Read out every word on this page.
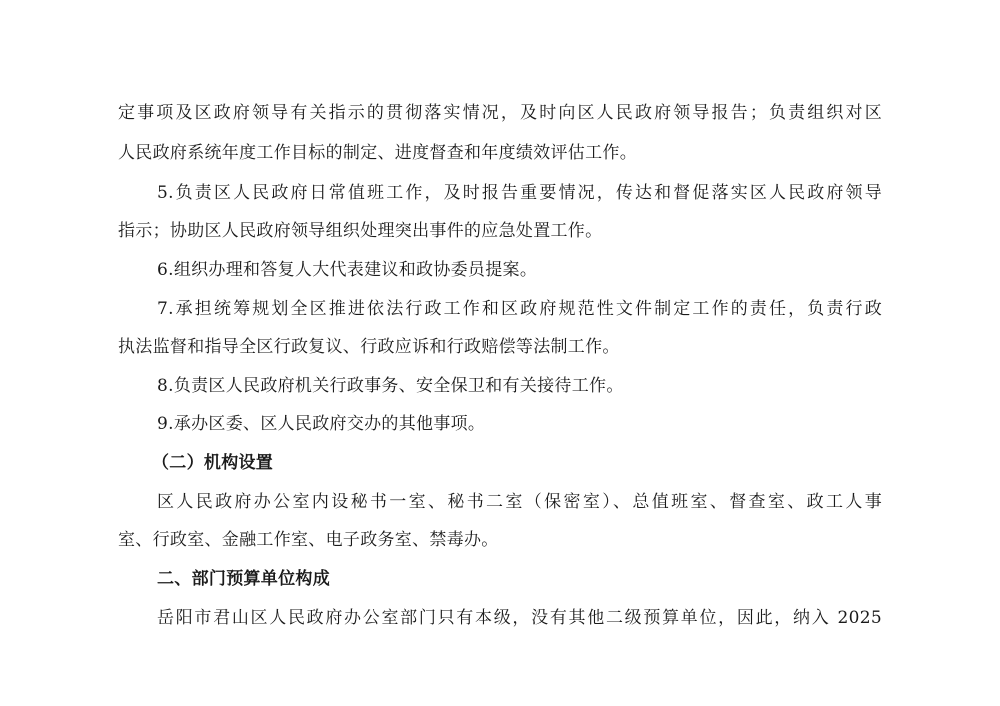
定事项及区政府领导有关指示的贯彻落实情况，及时向区人民政府领导报告；负责组织对区
人民政府系统年度工作目标的制定、进度督查和年度绩效评估工作。
5.负责区人民政府日常值班工作，及时报告重要情况，传达和督促落实区人民政府领导
指示；协助区人民政府领导组织处理突出事件的应急处置工作。
6.组织办理和答复人大代表建议和政协委员提案。
7.承担统筹规划全区推进依法行政工作和区政府规范性文件制定工作的责任，负责行政
执法监督和指导全区行政复议、行政应诉和行政赔偿等法制工作。
8.负责区人民政府机关行政事务、安全保卫和有关接待工作。
9.承办区委、区人民政府交办的其他事项。
（二）机构设置
区人民政府办公室内设秘书一室、秘书二室（保密室）、总值班室、督查室、政工人事
室、行政室、金融工作室、电子政务室、禁毒办。
二、部门预算单位构成
岳阳市君山区人民政府办公室部门只有本级，没有其他二级预算单位，因此，纳入 2025
